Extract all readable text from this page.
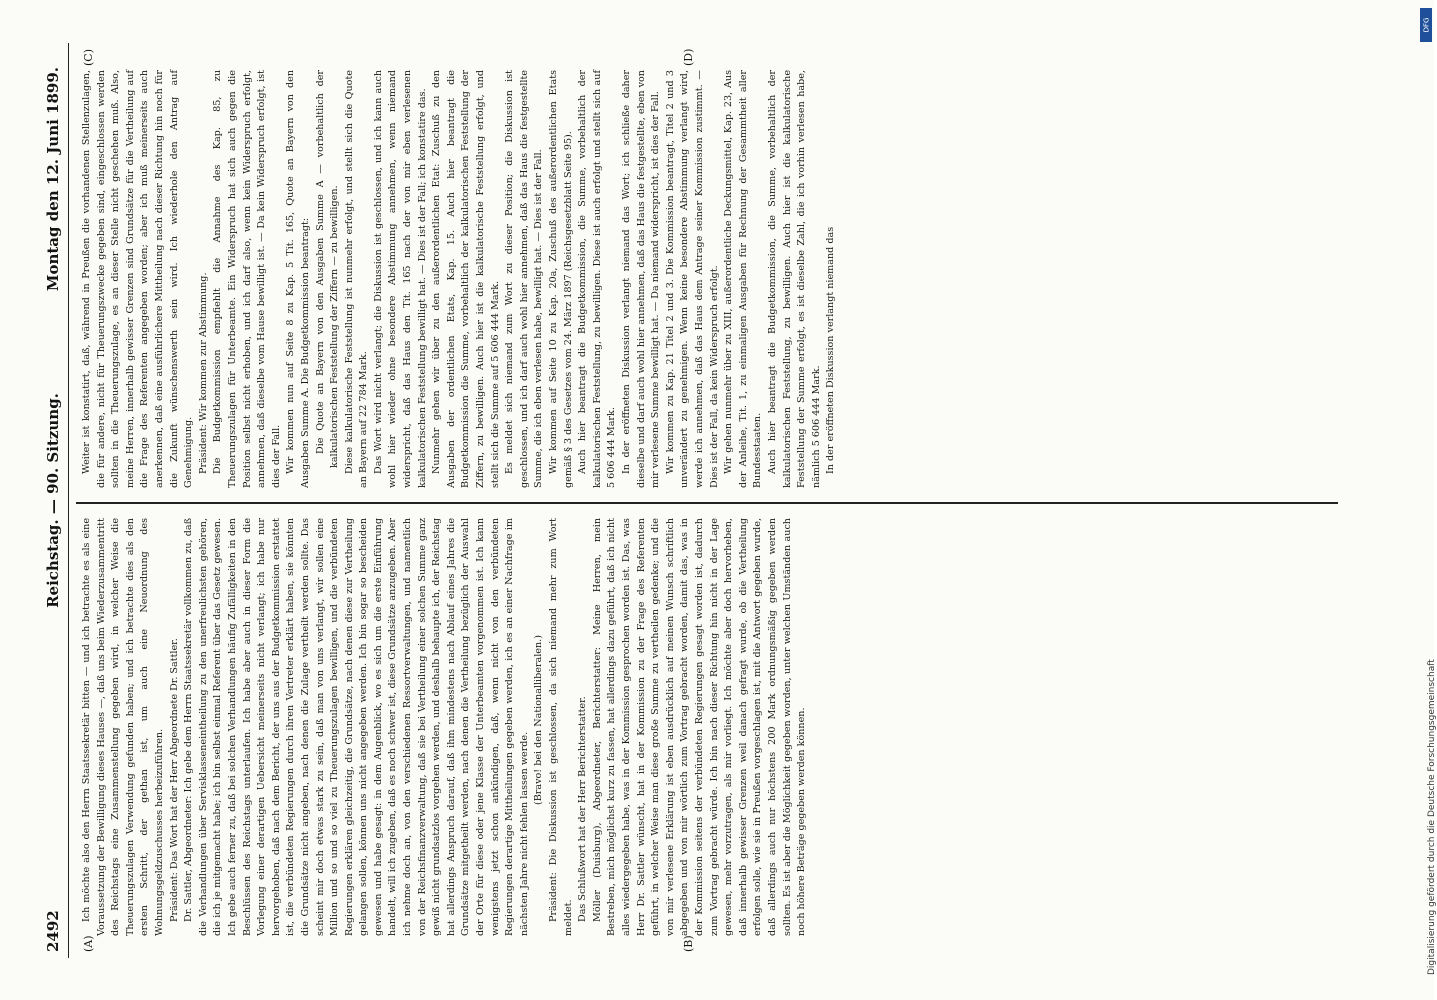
2492
Reichstag. — 90. Sitzung.
Montag den 12. Juni 1899.
(A)	(B)
(C)	(D)

Ich möchte also den Herrn Staatssekretär bitten — und ich betrachte es als eine Voraussetzung der Bewilligung dieses Hauses —, daß uns beim Wiederzusammentritt des Reichstags eine Zusammenstellung gegeben wird, in welcher Weise die Theuerungszulagen Verwendung gefunden haben; und ich betrachte dies als den ersten Schritt, der gethan ist, um auch eine Neuordnung des Wohnungsgeldzuschusses herbeizuführen. Präsident: Das Wort hat der Herr Abgeordnete Dr. Sattler. Dr. Sattler, Abgeordneter: Ich gebe dem Herrn Staatssekretär vollkommen zu, daß die Verhandlungen über Servisklasseneintheilung zu den unerfreulichsten gehören, die ich je mitgemacht habe; ich bin selbst einmal Referent über das Gesetz gewesen. Ich gebe auch ferner zu, daß bei solchen Verhandlungen häufig Zufälligkeiten in den Beschlüssen des Reichstags unterlaufen. Ich habe aber auch in dieser Form die Vorlegung einer derartigen Uebersicht meinerseits nicht verlangt; ich habe nur hervorgehoben, daß nach dem Bericht, der uns aus der Budgetkommission erstattet ist, die verbündeten Regierungen durch ihren Vertreter erklärt haben, sie könnten die Grundsätze nicht angeben, nach denen die Zulage vertheilt werden sollte. Das scheint mir doch etwas stark zu sein, daß man von uns verlangt, wir sollen eine Million und so und so viel zu Theuerungszulagen bewilligen, und die verbündeten Regierungen erklären gleichzeitig, die Grundsätze, nach denen diese zur Vertheilung gelangen sollen, können uns nicht angegeben werden. Ich bin sogar so bescheiden gewesen und habe gesagt: in dem Augenblick, wo es sich um die erste Einführung handelt, will ich zugeben, daß es noch schwer ist, diese Grundsätze anzugeben. Aber ich nehme doch an, von den verschiedenen Ressortverwaltungen, und namentlich von der Reichsfinanzverwaltung, daß sie bei Vertheilung einer solchen Summe ganz gewiß nicht grundsatzlos vorgehen werden, und deshalb behaupte ich, der Reichstag hat allerdings Anspruch darauf, daß ihm mindestens nach Ablauf eines Jahres die Grundsätze mitgetheilt werden, nach denen die Vertheilung bezüglich der Auswahl der Orte für diese oder jene Klasse der Unterbeamten vorgenommen ist. Ich kann wenigstens jetzt schon ankündigen, daß, wenn nicht von den verbündeten Regierungen derartige Mittheilungen gegeben werden, ich es an einer Nachfrage im nächsten Jahre nicht fehlen lassen werde.

(Bravo! bei den Nationalliberalen.) Präsident: Die Diskussion ist geschlossen, da sich niemand mehr zum Wort meldet. Das Schlußwort hat der Herr Berichterstatter. Möller (Duisburg), Abgeordneter, Berichterstatter: Meine Herren, mein Bestreben, mich möglichst kurz zu fassen, hat allerdings dazu geführt, daß ich nicht alles wiedergegeben habe, was in der Kommission gesprochen worden ist. Das, was Herr Dr. Sattler wünscht, hat in der Kommission zu der Frage des Referenten geführt, in welcher Weise man diese große Summe zu vertheilen gedenke; und die von mir verlesene Erklärung ist eben ausdrücklich auf meinen Wunsch schriftlich abgegeben und von mir wörtlich zum Vortrag gebracht worden, damit das, was in der Kommission seitens der verbündeten Regierungen gesagt worden ist, dadurch zum Vortrag gebracht würde. Ich bin nach dieser Richtung hin nicht in der Lage gewesen, mehr vorzutragen, als mir vorliegt. Ich möchte aber doch hervorheben, daß innerhalb gewisser Grenzen weil danach gefragt wurde, ob die Vertheilung erfolgen solle, wie sie in Preußen vorgeschlagen ist, mit die Antwort gegeben wurde, daß allerdings auch nur höchstens 200 Mark ordnungsmäßig gegeben werden sollten. Es ist aber die Möglichkeit gegeben worden, unter welchen Umständen auch noch höhere Beträge gegeben werden können.

Weiter ist konstatirt, daß, während in Preußen die vorhandenen Stellenzulagen, die für andere, nicht für Theuerungszwecke gegeben sind, eingeschlossen werden sollten in die Theuerungszulage, es an dieser Stelle nicht geschehen muß. Also, meine Herren, innerhalb gewisser Grenzen sind Grundsätze für die Vertheilung auf die Frage des Referenten angegeben worden; aber ich muß meinerseits auch anerkennen, daß eine ausführlichere Mittheilung nach dieser Richtung hin noch für die Zukunft wünschenswerth sein wird. Ich wiederhole den Antrag auf Genehmigung. Präsident: Wir kommen zur Abstimmung. Die Budgetkommission empfiehlt die Annahme des Kap. 85, zu Theuerungszulagen für Unterbeamte. Ein Widerspruch hat sich auch gegen die Position selbst nicht erhoben, und ich darf also, wenn kein Widerspruch erfolgt, annehmen, daß dieselbe vom Hause bewilligt ist. — Da kein Widerspruch erfolgt, ist dies der Fall. Wir kommen nun auf Seite 8 zu Kap. 5 Tit. 165, Quote an Bayern von den Ausgaben Summe A. Die Budgetkommission beantragt: Die Quote an Bayern von den Ausgaben Summe A — vorbehaltlich der kalkulatorischen Feststellung der Ziffern — zu bewilligen. Diese kalkulatorische Feststellung ist nunmehr erfolgt, und stellt sich die Quote an Bayern auf 22 784 Mark. Das Wort wird nicht verlangt; die Diskussion ist geschlossen, und ich kann auch wohl hier wieder ohne besondere Abstimmung annehmen, wenn niemand widerspricht, daß das Haus den Tit. 165 nach der von mir eben verlesenen kalkulatorischen Feststellung bewilligt hat. — Dies ist der Fall; ich konstatire das. Nunmehr gehen wir über zu den außerordentlichen Etat: Zuschuß zu den Ausgaben der ordentlichen Etats, Kap. 15. Auch hier beantragt die Budgetkommission die Summe, vorbehaltlich der kalkulatorischen Feststellung der Ziffern, zu bewilligen. Auch hier ist die kalkulatorische Feststellung erfolgt, und stellt sich die Summe auf 5 606 444 Mark. Es meldet sich niemand zum Wort zu dieser Position; die Diskussion ist geschlossen, und ich darf auch wohl hier annehmen, daß das Haus die festgestellte Summe, die ich eben verlesen habe, bewilligt hat. — Dies ist der Fall. Wir kommen auf Seite 10 zu Kap. 20a, Zuschuß des außerordentlichen Etats gemäß § 3 des Gesetzes vom 24. März 1897 (Reichsgesetzblatt Seite 95). Auch hier beantragt die Budgetkommission, die Summe, vorbehaltlich der kalkulatorischen Feststellung, zu bewilligen. Diese ist auch erfolgt und stellt sich auf 5 606 444 Mark. In der eröffneten Diskussion verlangt niemand das Wort; ich schließe daher dieselbe und darf auch wohl hier annehmen, daß das Haus die festgestellte, eben von mir verlesene Summe bewilligt hat. — Da niemand widerspricht, ist dies der Fall. Wir kommen zu Kap. 21 Titel 2 und 3. Die Kommission beantragt, Titel 2 und 3 unverändert zu genehmigen. Wenn keine besondere Abstimmung verlangt wird, werde ich annehmen, daß das Haus dem Antrage seiner Kommission zustimmt. — Dies ist der Fall, da kein Widerspruch erfolgt. Wir gehen nunmehr über zu XIII, außerordentliche Deckungsmittel, Kap. 23, Aus der Anleihe, Tit. 1, zu einmaligen Ausgaben für Rechnung der Gesammtheit aller Bundesstaaten. Auch hier beantragt die Budgetkommission, die Summe, vorbehaltlich der kalkulatorischen Feststellung, zu bewilligen. Auch hier ist die kalkulatorische Feststellung der Summe erfolgt, es ist dieselbe Zahl, die ich vorhin verlesen habe, nämlich 5 606 444 Mark. In der eröffneten Diskussion verlangt niemand das

Digitalisierung gefördert durch die Deutsche Forschungsgemeinschaft
DFG
